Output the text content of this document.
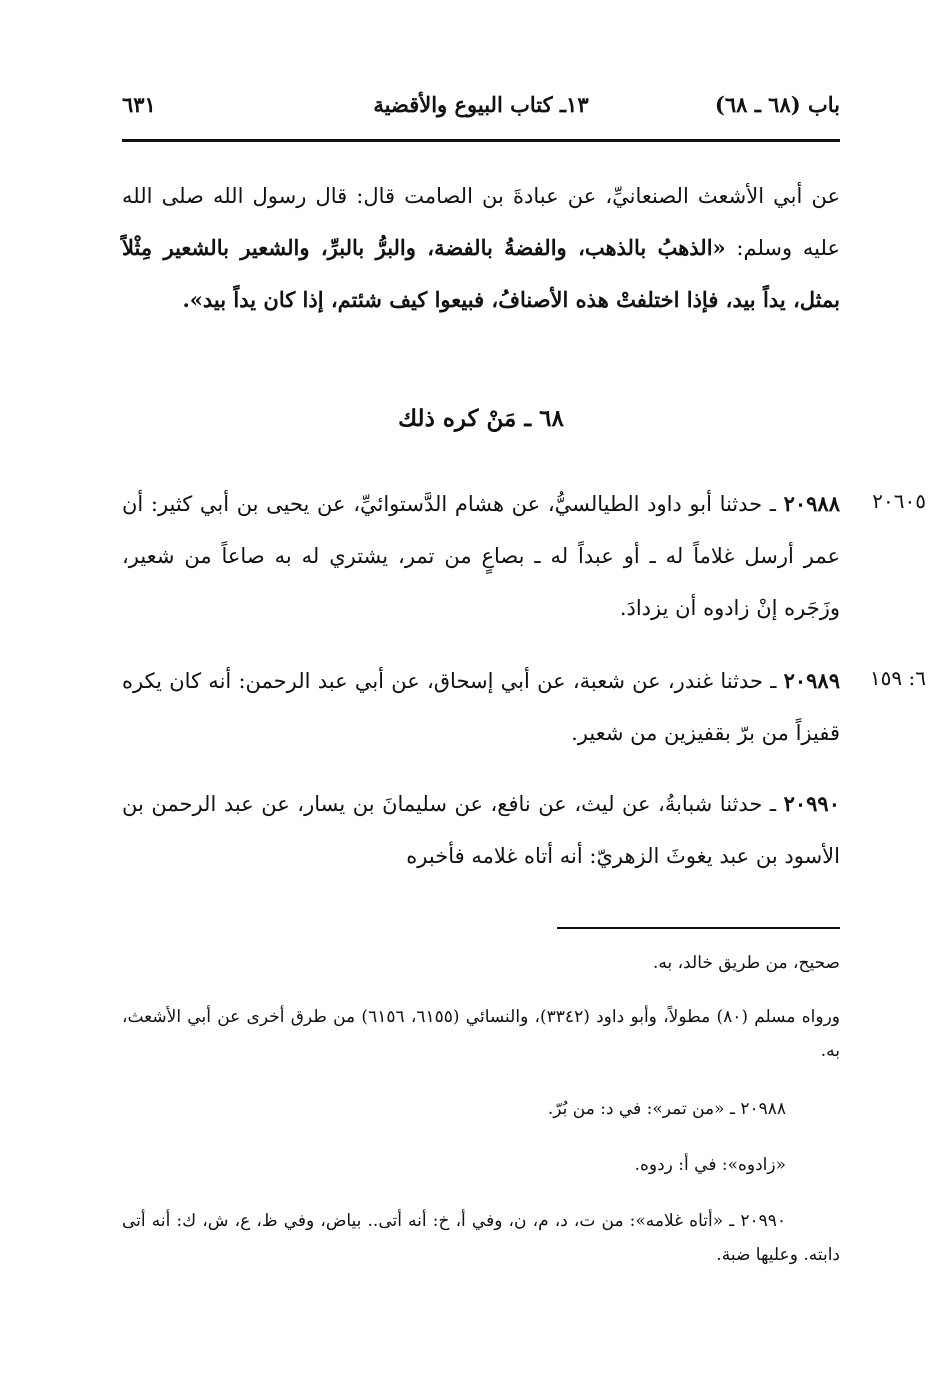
باب (٦٨ ـ ٦٨)
١٣ـ كتاب البيوع والأقضية
٦٣١
عن أبي الأشعث الصنعانيِّ، عن عبادةَ بن الصامت قال: قال رسول الله صلى الله عليه وسلم: «الذهبُ بالذهب، والفضةُ بالفضة، والبرُّ بالبرِّ، والشعير بالشعير مِثْلاً بمثل، يداً بيد، فإذا اختلفتْ هذه الأصنافُ، فبيعوا كيف شئتم، إذا كان يداً بيد».
٦٨ ـ مَنْ كره ذلك
٢٠٦٠٥
٢٠٩٨٨ ـ حدثنا أبو داود الطيالسيُّ، عن هشام الدَّستوائيِّ، عن يحيى بن أبي كثير: أن عمر أرسل غلاماً له ـ أو عبداً له ـ بصاعٍ من تمر، يشتري له به صاعاً من شعير، وزَجَره إنْ زادوه أن يزدادَ.
٦: ١٥٩
٢٠٩٨٩ ـ حدثنا غندر، عن شعبة، عن أبي إسحاق، عن أبي عبد الرحمن: أنه كان يكره قفيزاً من برّ بقفيزين من شعير.
٢٠٩٩٠ ـ حدثنا شبابةُ، عن ليث، عن نافع، عن سليمانَ بن يسار، عن عبد الرحمن بن الأسود بن عبد يغوثَ الزهريّ: أنه أتاه غلامه فأخبره
صحيح، من طريق خالد، به.
ورواه مسلم (٨٠) مطولاً، وأبو داود (٣٣٤٢)، والنسائي (٦١٥٥، ٦١٥٦) من طرق أخرى عن أبي الأشعث، به.
٢٠٩٨٨ ـ «من تمر»: في د: من بُرّ.
«زادوه»: في أ: ردوه.
٢٠٩٩٠ ـ «أتاه غلامه»: من ت، د، م، ن، وفي أ، خ: أنه أتى.. بياض، وفي ظ، ع، ش، ك: أنه أتى دابته. وعليها ضبة.
